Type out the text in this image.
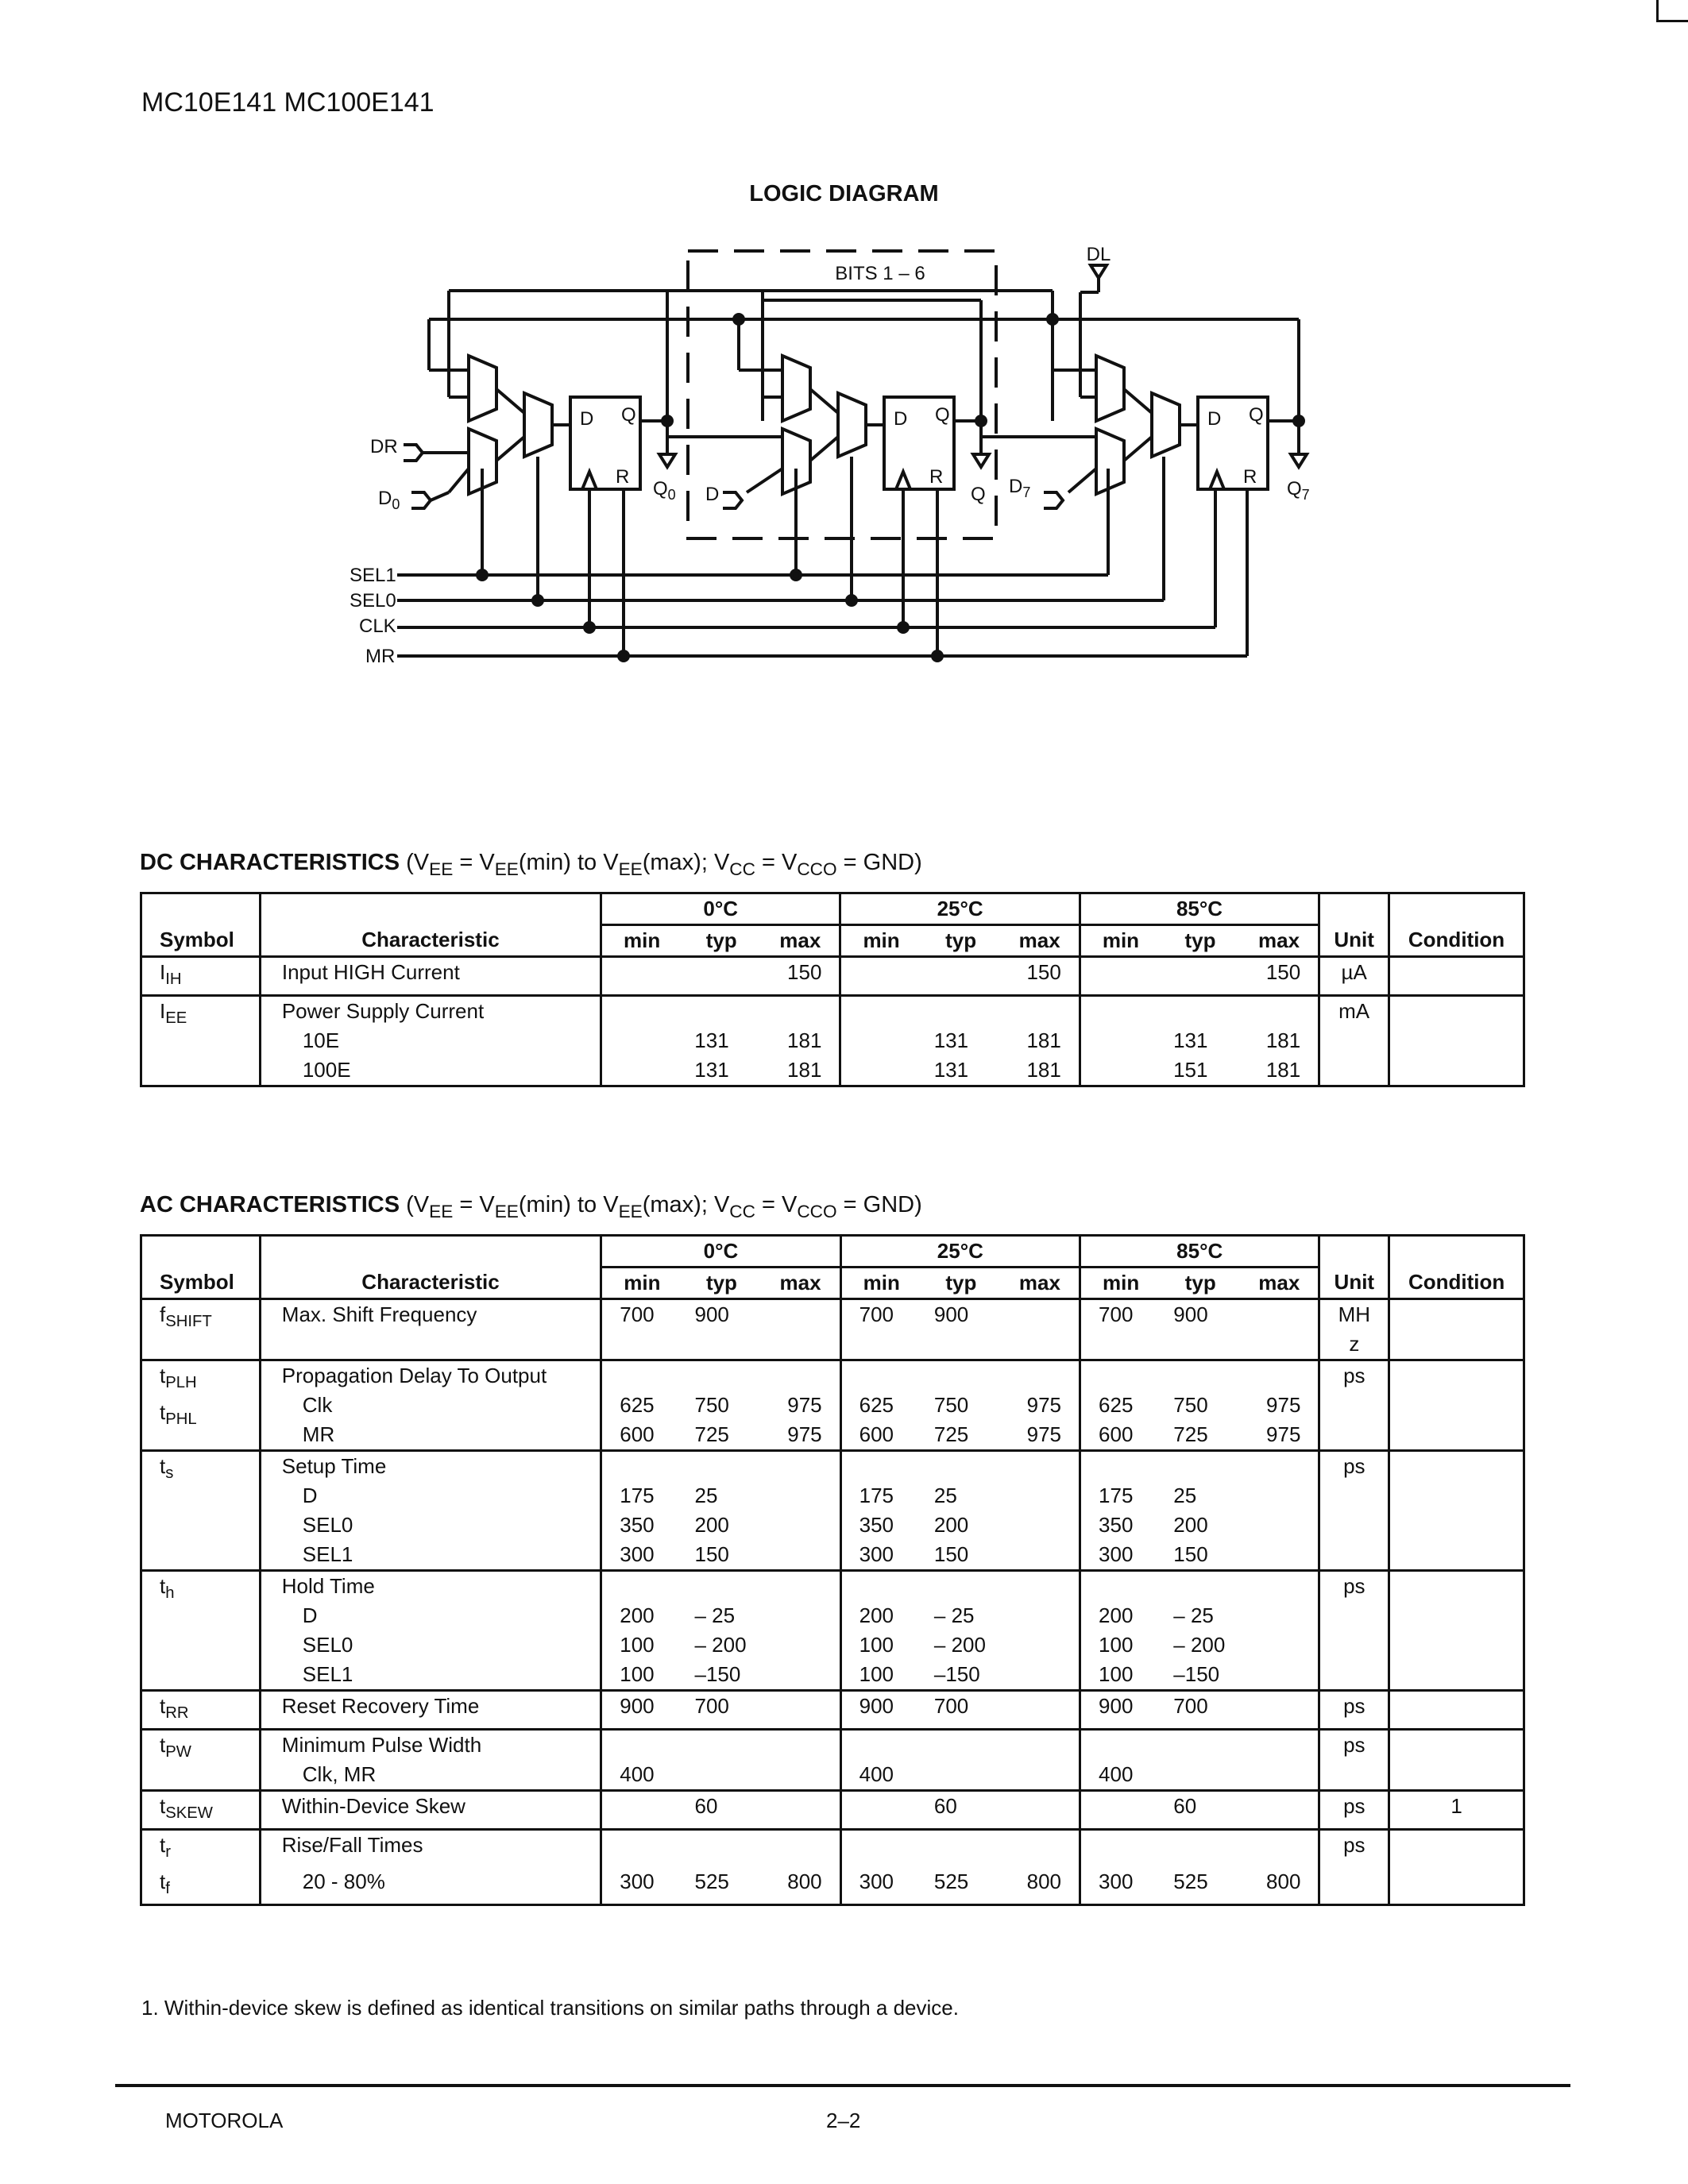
MC10E141 MC100E141
LOGIC DIAGRAM
BITS 1 – 6
DL
D Q
R
D Q
R
D Q
R
DR
$D_0$
$Q_0$ D	Q $D_7$	$Q_7$
SEL1
SEL0
CLK
MR
DC CHARACTERISTICS ($V_{EE} = V_{EE}(\min)$ to $V_{EE}(\max)$; $V_{CC} = V_{CCO} = GND$)
		0°C			25°C			85°C				
Symbol	Characteristic	min	typ	max	min	typ	max	min	typ	max	Unit	Condition

$I_{IH}$	Input HIGH Current			150			150			150	µA	

$I_{EE}$	Power Supply Current										mA	
	10E		131	181		131	181		131	181		
	100E		131	181		131	181		151	181		
AC CHARACTERISTICS ($V_{EE} = V_{EE}(\min)$ to $V_{EE}(\max)$; $V_{CC} = V_{CCO} = GND$)
		0°C			25°C			85°C				
Symbol	Characteristic	min	typ	max	min	typ	max	min	typ	max	Unit	Condition

$f_{SHIFT}$	Max. Shift Frequency	700	900		700	900		700	900		MH
z	

$t_{PLH}$
$t_{PHL}$	Propagation Delay To Output										ps	
	Clk	625	750	975	625	750	975	625	750	975		
	MR	600	725	975	600	725	975	600	725	975		

$t_s$	Setup Time										ps	
	D	175	25		175	25		175	25			
	SEL0	350	200		350	200		350	200			
	SEL1	300	150		300	150		300	150			

$t_h$	Hold Time										ps	
	D	200	– 25		200	– 25		200	– 25			
	SEL0	100	– 200		100	– 200		100	– 200			
	SEL1	100	–150		100	–150		100	–150			

$t_{RR}$	Reset Recovery Time	900	700		900	700		900	700		ps	

$t_{PW}$	Minimum Pulse Width										ps	
	Clk, MR	400			400			400				

$t_{SKEW}$	Within-Device Skew		60			60			60		ps	1

$t_r$
$t_f$	Rise/Fall Times										ps	
	20 - 80%	300	525	800	300	525	800	300	525	800		
1. Within-device skew is defined as identical transitions on similar paths through a device.
MOTOROLA	2–2
